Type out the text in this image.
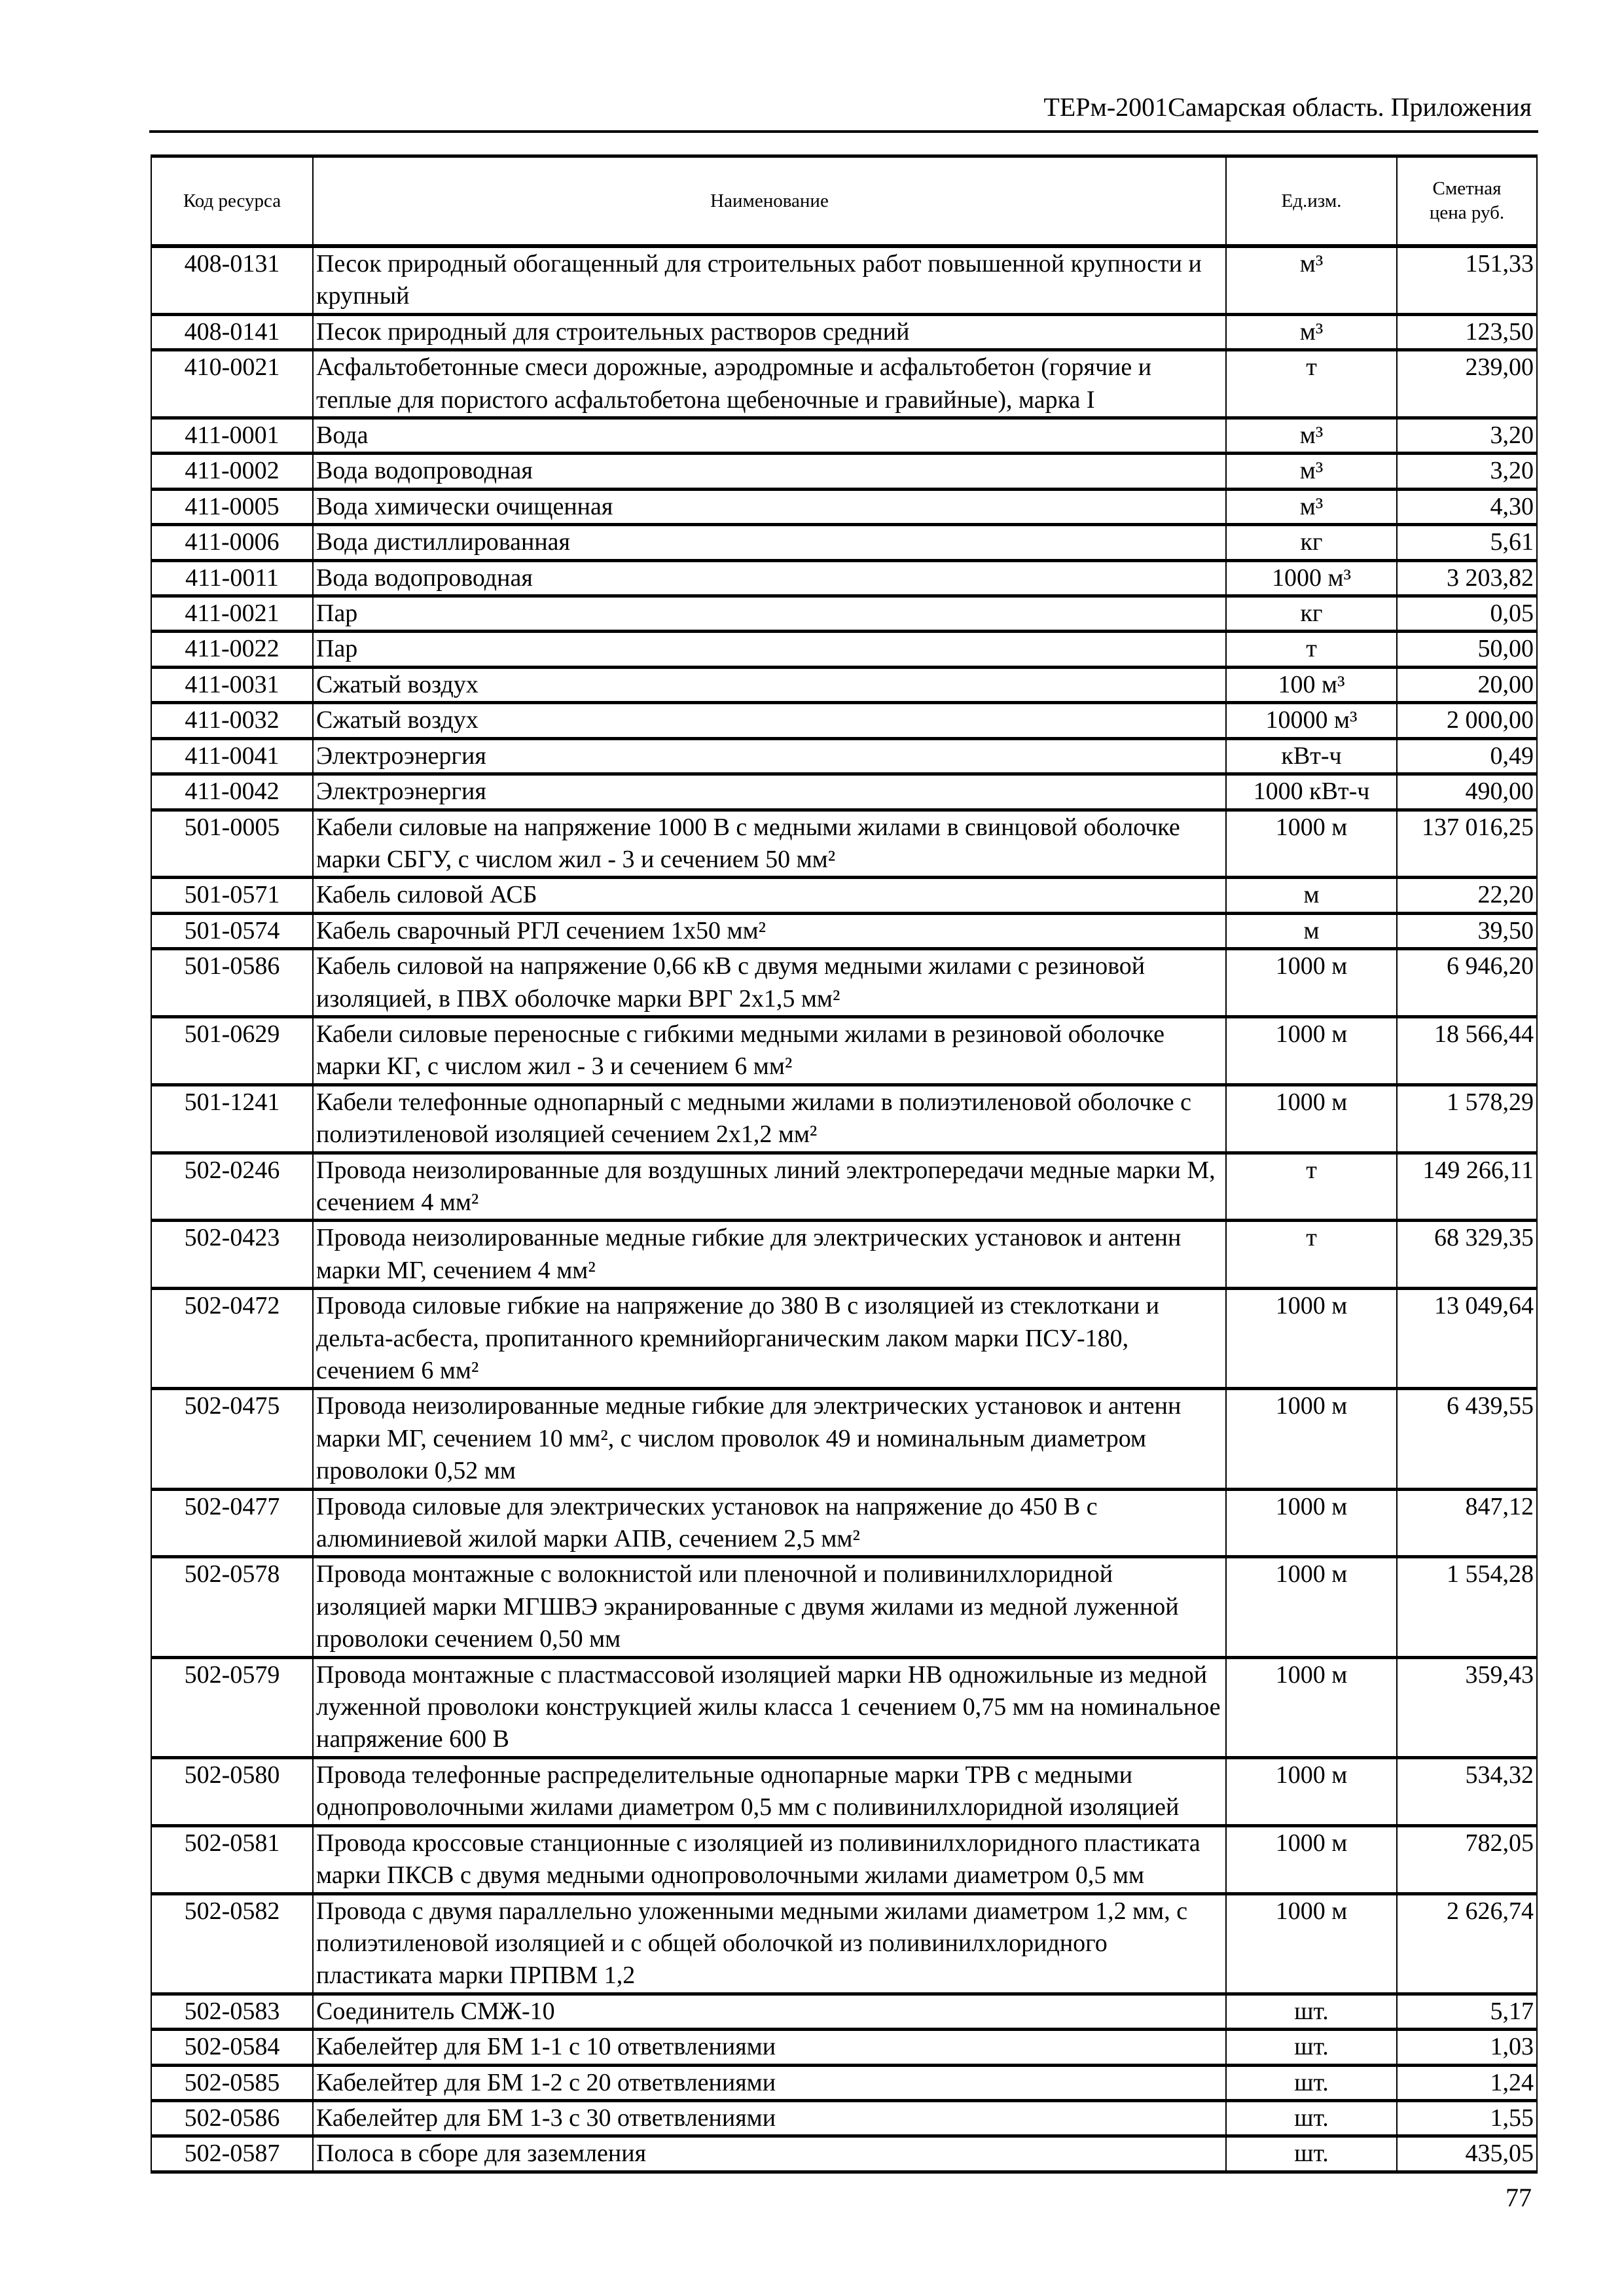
ТЕРм-2001Самарская область. Приложения
Код ресурса	Наименование	Ед.изм.	Сметная цена руб.
408-0131	Песок природный обогащенный для строительных работ повышенной крупности и крупный	м³	151,33
408-0141	Песок природный для строительных растворов средний	м³	123,50
410-0021	Асфальтобетонные смеси дорожные, аэродромные и асфальтобетон (горячие и теплые для пористого асфальтобетона щебеночные и гравийные), марка I	т	239,00
411-0001	Вода	м³	3,20
411-0002	Вода водопроводная	м³	3,20
411-0005	Вода химически очищенная	м³	4,30
411-0006	Вода дистиллированная	кг	5,61
411-0011	Вода водопроводная	1000 м³	3 203,82
411-0021	Пар	кг	0,05
411-0022	Пар	т	50,00
411-0031	Сжатый воздух	100 м³	20,00
411-0032	Сжатый воздух	10000 м³	2 000,00
411-0041	Электроэнергия	кВт-ч	0,49
411-0042	Электроэнергия	1000 кВт-ч	490,00
501-0005	Кабели силовые на напряжение 1000 В с медными жилами в свинцовой оболочке марки СБГУ, с числом жил - 3 и сечением 50 мм²	1000 м	137 016,25
501-0571	Кабель силовой АСБ	м	22,20
501-0574	Кабель сварочный РГЛ сечением 1х50 мм²	м	39,50
501-0586	Кабель силовой на напряжение 0,66 кВ с двумя медными жилами с резиновой изоляцией, в ПВХ оболочке марки ВРГ 2х1,5 мм²	1000 м	6 946,20
501-0629	Кабели силовые переносные с гибкими медными жилами в резиновой оболочке марки КГ, с числом жил - 3 и сечением 6 мм²	1000 м	18 566,44
501-1241	Кабели телефонные однопарный с медными жилами в полиэтиленовой оболочке с полиэтиленовой изоляцией сечением 2х1,2 мм²	1000 м	1 578,29
502-0246	Провода неизолированные для воздушных линий электропередачи медные марки М, сечением 4 мм²	т	149 266,11
502-0423	Провода неизолированные медные гибкие для электрических установок и антенн марки МГ, сечением 4 мм²	т	68 329,35
502-0472	Провода силовые гибкие на напряжение до 380 В с изоляцией из стеклоткани и дельта-асбеста, пропитанного кремнийорганическим лаком марки ПСУ-180, сечением 6 мм²	1000 м	13 049,64
502-0475	Провода неизолированные медные гибкие для электрических установок и антенн марки МГ, сечением 10 мм², с числом проволок 49 и номинальным диаметром проволоки 0,52 мм	1000 м	6 439,55
502-0477	Провода силовые для электрических установок на напряжение до 450 В с алюминиевой жилой марки АПВ, сечением 2,5 мм²	1000 м	847,12
502-0578	Провода монтажные с волокнистой или пленочной и поливинилхлоридной изоляцией марки МГШВЭ экранированные с двумя жилами из медной луженной проволоки сечением 0,50 мм	1000 м	1 554,28
502-0579	Провода монтажные с пластмассовой изоляцией марки НВ одножильные из медной луженной проволоки конструкцией жилы класса 1 сечением 0,75 мм на номинальное напряжение 600 В	1000 м	359,43
502-0580	Провода телефонные распределительные однопарные марки ТРВ с медными однопроволочными жилами диаметром 0,5 мм с поливинилхлоридной изоляцией	1000 м	534,32
502-0581	Провода кроссовые станционные с изоляцией из поливинилхлоридного пластиката марки ПКСВ с двумя медными однопроволочными жилами диаметром 0,5 мм	1000 м	782,05
502-0582	Провода с двумя параллельно уложенными медными жилами диаметром 1,2 мм, с полиэтиленовой изоляцией и с общей оболочкой из поливинилхлоридного пластиката марки ПРПВМ 1,2	1000 м	2 626,74
502-0583	Соединитель СМЖ-10	шт.	5,17
502-0584	Кабелейтер для БМ 1-1 с 10 ответвлениями	шт.	1,03
502-0585	Кабелейтер для БМ 1-2 с 20 ответвлениями	шт.	1,24
502-0586	Кабелейтер для БМ 1-3 с 30 ответвлениями	шт.	1,55
502-0587	Полоса в сборе для заземления	шт.	435,05
77
